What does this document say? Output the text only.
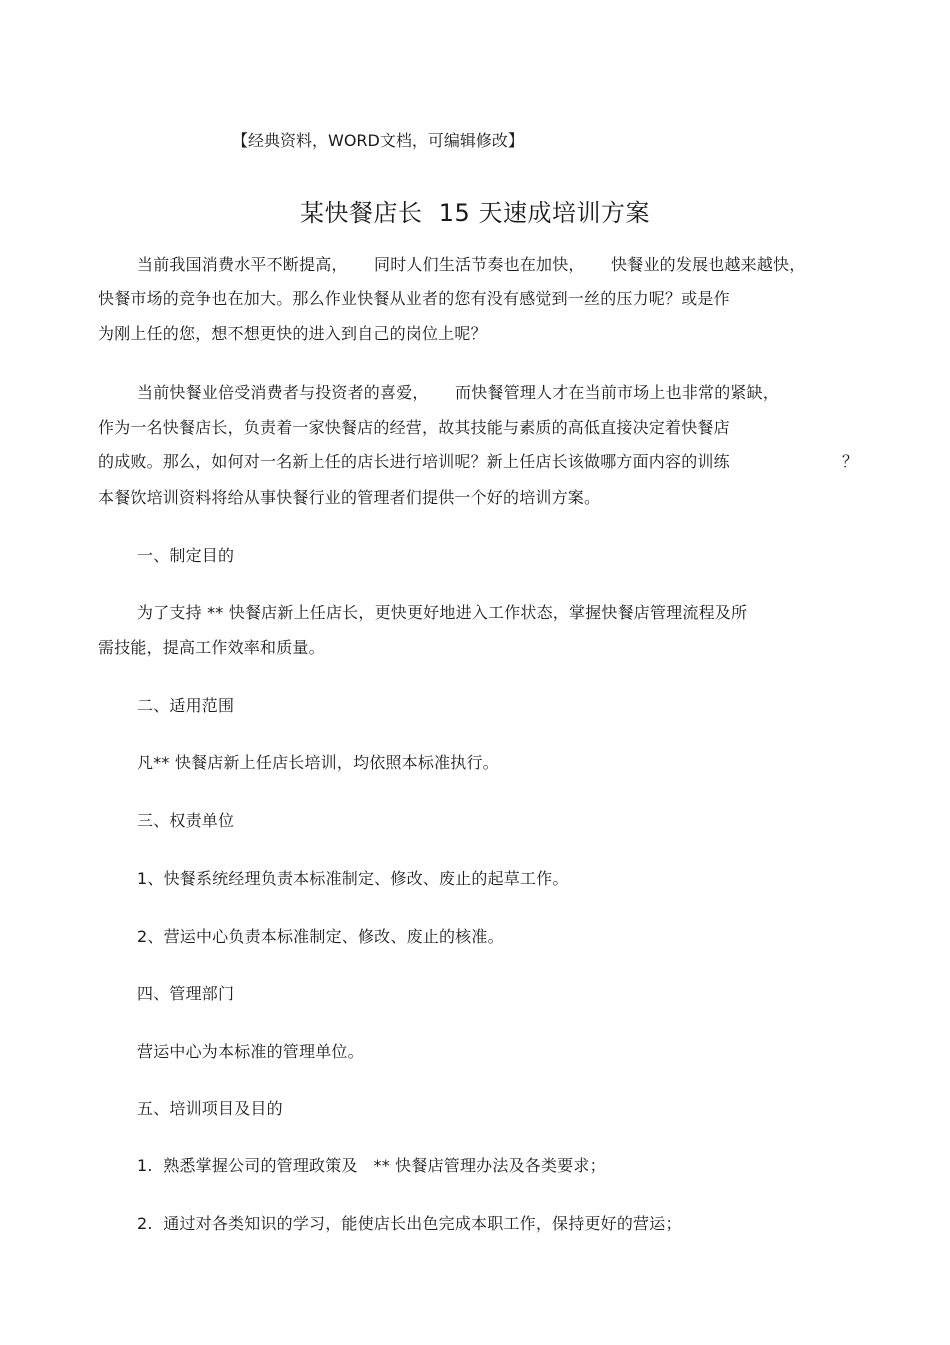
【经典资料，WORD文档，可编辑修改】
某快餐店长  15 天速成培训方案
当前我国消费水平不断提高，     同时人们生活节奏也在加快，     快餐业的发展也越来越快，
快餐市场的竞争也在加大。那么作业快餐从业者的您有没有感觉到一丝的压力呢？或是作
为刚上任的您，想不想更快的进入到自己的岗位上呢？
当前快餐业倍受消费者与投资者的喜爱，     而快餐管理人才在当前市场上也非常的紧缺，
作为一名快餐店长，负责着一家快餐店的经营，故其技能与素质的高低直接决定着快餐店
的成败。那么，如何对一名新上任的店长进行培训呢？新上任店长该做哪方面内容的训练	？
本餐饮培训资料将给从事快餐行业的管理者们提供一个好的培训方案。
一、制定目的
为了支持 ** 快餐店新上任店长，更快更好地进入工作状态，掌握快餐店管理流程及所
需技能，提高工作效率和质量。
二、适用范围
凡** 快餐店新上任店长培训，均依照本标准执行。
三、权责单位
1、快餐系统经理负责本标准制定、修改、废止的起草工作。
2、营运中心负责本标准制定、修改、废止的核准。
四、管理部门
营运中心为本标准的管理单位。
五、培训项目及目的
1.  熟悉掌握公司的管理政策及   ** 快餐店管理办法及各类要求；
2.  通过对各类知识的学习，能使店长出色完成本职工作，保持更好的营运；
